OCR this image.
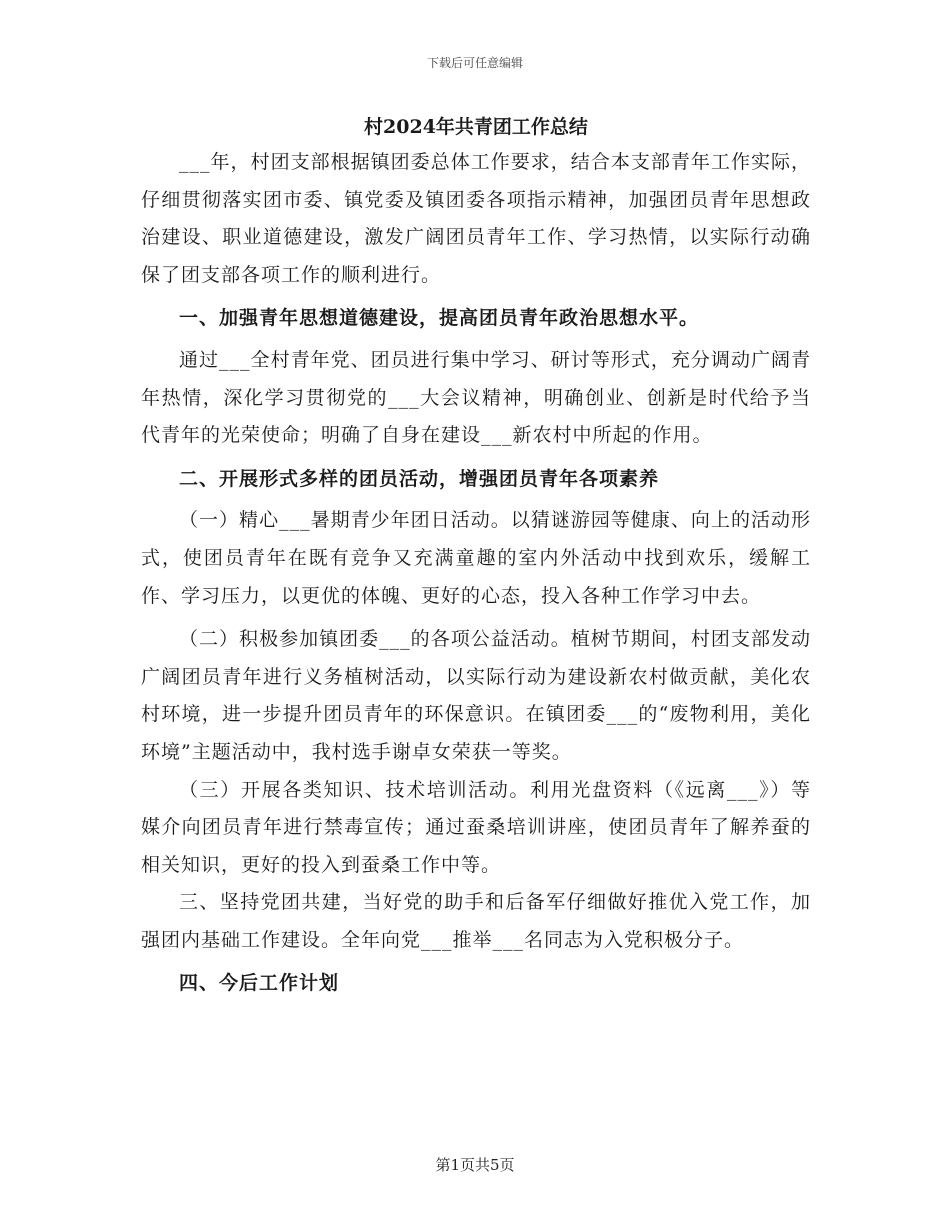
下载后可任意编辑
村2024年共青团工作总结

___年，村团支部根据镇团委总体工作要求，结合本支部青年工作实际，仔细贯彻落实团市委、镇党委及镇团委各项指示精神，加强团员青年思想政治建设、职业道德建设，激发广阔团员青年工作、学习热情，以实际行动确保了团支部各项工作的顺利进行。

一、加强青年思想道德建设，提高团员青年政治思想水平。

通过___全村青年党、团员进行集中学习、研讨等形式，充分调动广阔青年热情，深化学习贯彻党的___大会议精神，明确创业、创新是时代给予当代青年的光荣使命；明确了自身在建设___新农村中所起的作用。

二、开展形式多样的团员活动，增强团员青年各项素养

（一）精心___暑期青少年团日活动。以猜谜游园等健康、向上的活动形式，使团员青年在既有竞争又充满童趣的室内外活动中找到欢乐，缓解工作、学习压力，以更优的体魄、更好的心态，投入各种工作学习中去。

（二）积极参加镇团委___的各项公益活动。植树节期间，村团支部发动广阔团员青年进行义务植树活动，以实际行动为建设新农村做贡献，美化农村环境，进一步提升团员青年的环保意识。在镇团委___的“废物利用，美化环境”主题活动中，我村选手谢卓女荣获一等奖。

（三）开展各类知识、技术培训活动。利用光盘资料（《远离___》）等媒介向团员青年进行禁毒宣传；通过蚕桑培训讲座，使团员青年了解养蚕的相关知识，更好的投入到蚕桑工作中等。

三、坚持党团共建，当好党的助手和后备军仔细做好推优入党工作，加强团内基础工作建设。全年向党___推举___名同志为入党积极分子。

四、今后工作计划

第1页共5页
